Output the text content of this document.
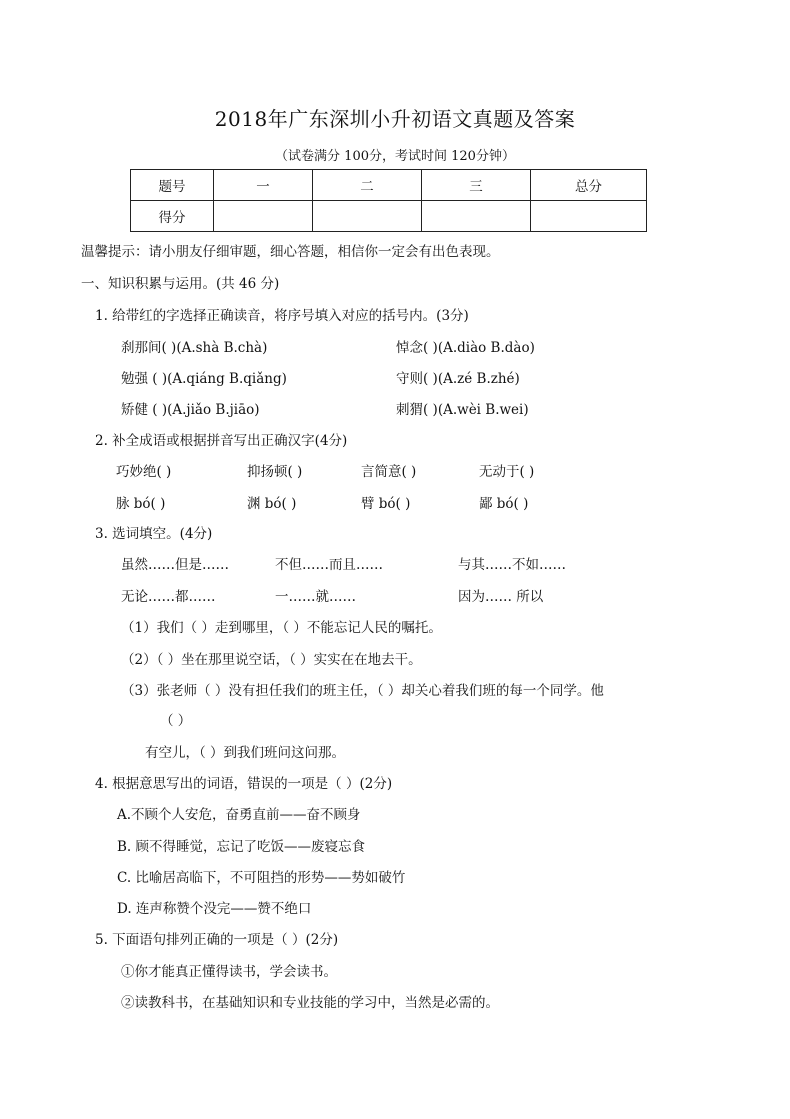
2018年广东深圳小升初语文真题及答案
（试卷满分 100分，考试时间 120分钟）
题号	一	二	三	总分
得分				
温馨提示：请小朋友仔细审题，细心答题，相信你一定会有出色表现。
一、知识积累与运用。(共 46 分)
1. 给带红的字选择正确读音，将序号填入对应的括号内。(3分)
刹那间( )(A.shà B.chà)	悼念( )(A.diào B.dào)
勉强 ( )(A.qiáng B.qiǎng)	守则( )(A.zé B.zhé)
矫健 ( )(A.jiǎo B.jiāo)	刺猬( )(A.wèi B.wei)
2. 补全成语或根据拼音写出正确汉字(4分)
巧妙绝( )	抑扬顿( )	言简意( )	无动于( )
脉 bó( )	渊 bó( )	臂 bó( )	鄙 bó( )
3. 选词填空。(4分)
虽然……但是……	不但……而且……	与其……不如……
无论……都……	一……就……	因为…… 所以
（1）我们（ ）走到哪里，（ ）不能忘记人民的嘱托。
（2）（ ）坐在那里说空话，（ ）实实在在地去干。
（3）张老师（ ）没有担任我们的班主任，（ ）却关心着我们班的每一个同学。他
（ ）
有空儿，（ ）到我们班问这问那。
4. 根据意思写出的词语，错误的一项是（ ）(2分)
A.不顾个人安危，奋勇直前——奋不顾身
B. 顾不得睡觉，忘记了吃饭——废寝忘食
C. 比喻居高临下，不可阻挡的形势——势如破竹
D. 连声称赞个没完——赞不绝口
5. 下面语句排列正确的一项是（ ）(2分)
①你才能真正懂得读书，学会读书。
②读教科书，在基础知识和专业技能的学习中，当然是必需的。
